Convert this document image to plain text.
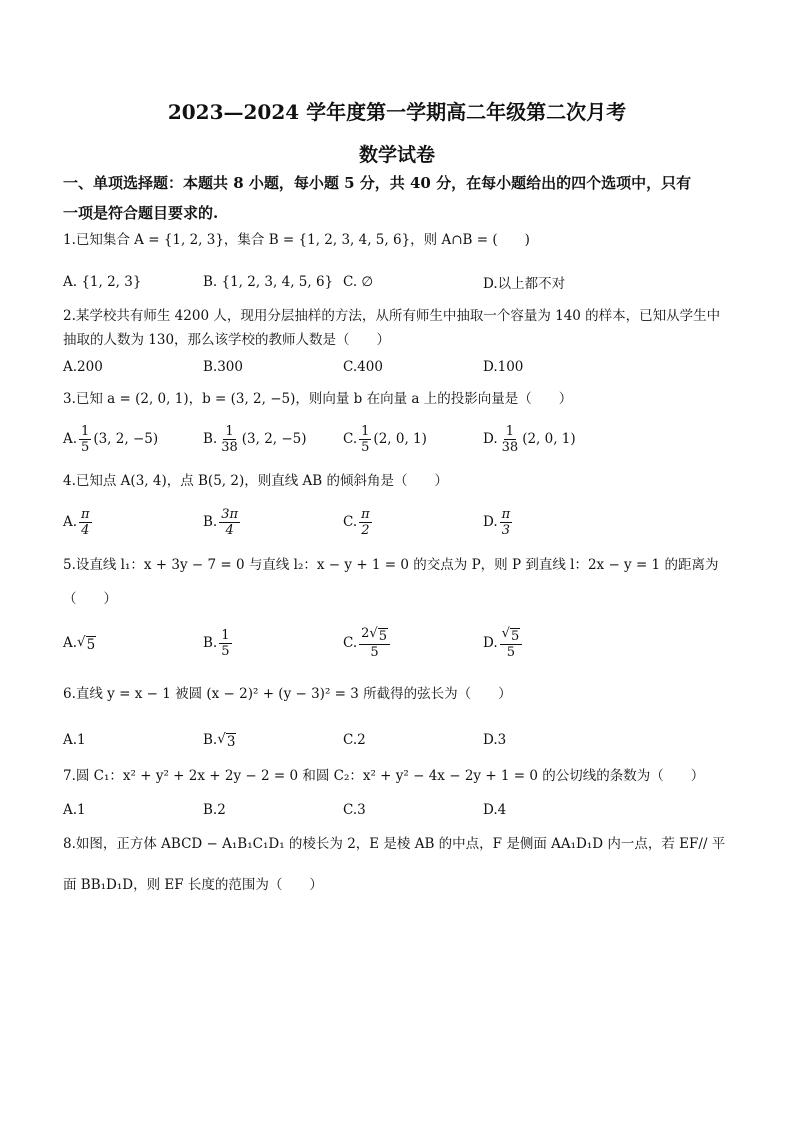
2023—2024 学年度第一学期高二年级第二次月考
数学试卷
一、单项选择题：本题共 8 小题，每小题 5 分，共 40 分，在每小题给出的四个选项中，只有
一项是符合题目要求的.
1.已知集合 A = {1, 2, 3}，集合 B = {1, 2, 3, 4, 5, 6}，则 A∩B = (　　)
A. {1, 2, 3}	B. {1, 2, 3, 4, 5, 6} C. ∅	D.以上都不对
2.某学校共有师生 4200 人，现用分层抽样的方法，从所有师生中抽取一个容量为 140 的样本，已知从学生中
抽取的人数为 130，那么该学校的教师人数是（　　）
A.200	B.300	C.400	D.100
3.已知 a = (2, 0, 1)，b = (3, 2, −5)，则向量 b 在向量 a 上的投影向量是（　　）
A. $\frac{1}{5} (3$, 2, −5)	B. $\frac{1}{38} (3$, 2, −5)	C. $\frac{1}{5} (2$, 0, 1)	D. $\frac{1}{38} (2$, 0, 1)
4.已知点 A(3, 4)，点 B(5, 2)，则直线 AB 的倾斜角是（　　）
A. $\frac{\pi}{4}$	B. $\frac{3\pi}{4}$	C. $\frac{\pi}{2}$	D. $\frac{\pi}{3}$
5.设直线 l₁：x + 3y − 7 = 0 与直线 l₂：x − y + 1 = 0 的交点为 P，则 P 到直线 l：2x − y = 1 的距离为
（　　）
A. √ 5	B. $\frac{1}{5}$	C. $\frac{2√ 5}{5}$	D. $\frac{√ 5}{5}$
6.直线 y = x − 1 被圆 (x − 2)² + (y − 3)² = 3 所截得的弦长为（　　）
A.1	B. √ 3	C.2	D.3
7.圆 C₁：x² + y² + 2x + 2y − 2 = 0 和圆 C₂：x² + y² − 4x − 2y + 1 = 0 的公切线的条数为（　　）
A.1	B.2	C.3	D.4
8.如图，正方体 ABCD − A₁B₁C₁D₁ 的棱长为 2，E 是棱 AB 的中点，F 是侧面 AA₁D₁D 内一点，若 EF// 平
面 BB₁D₁D，则 EF 长度的范围为（　　）
